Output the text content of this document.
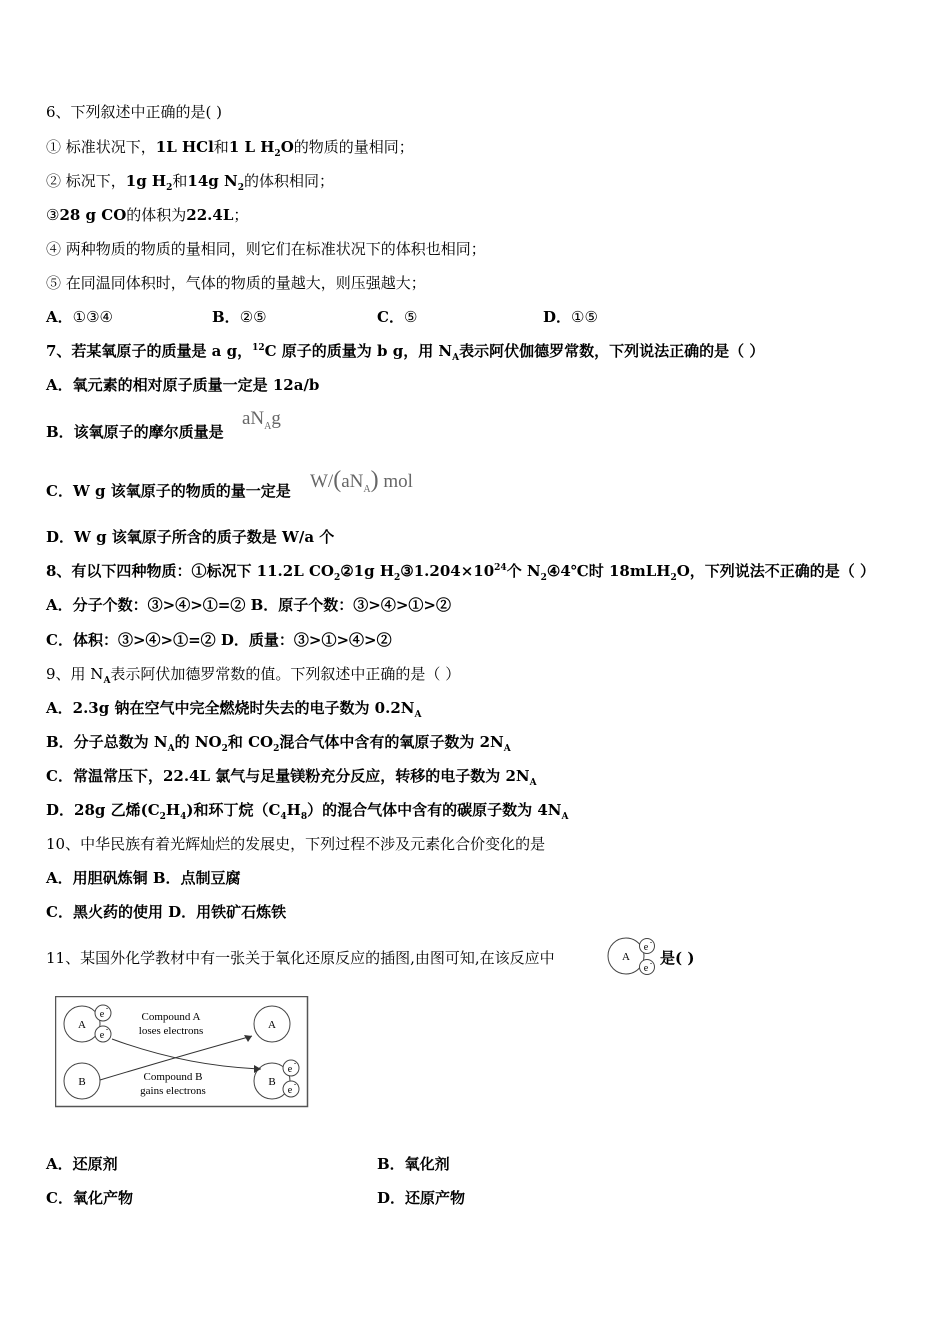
6、下列叙述中正确的是( )
① 标准状况下，1L HCl和1 L $H_2O$的物质的量相同；
② 标况下，1g $H_2$和14g $N_2$的体积相同；
③28 g CO的体积为22.4L；
④ 两种物质的物质的量相同，则它们在标准状况下的体积也相同；
⑤ 在同温同体积时，气体的物质的量越大，则压强越大；
A．①③④	B．②⑤	C．⑤	D．①⑤
7、若某氧原子的质量是 a g，$^{12}$C 原子的质量为 b g，用 $N_A$表示阿伏伽德罗常数，下列说法正确的是（ ）
A．氧元素的相对原子质量一定是 12a/b
B．该氧原子的摩尔质量是
$aN_Ag$
C．W g 该氧原子的物质的量一定是 $W/(aN_A)$ mol
D．W g 该氧原子所含的质子数是 W/a 个
8、有以下四种物质：①标况下 11.2L $CO_2②1g$ $H_2③1.204\times 10^{24}$个 $N_2④4℃$时 18mLH$_2$O，下列说法不正确的是（ ）
A．分子个数：③>④>①=② B．原子个数：③>④>①>②
C．体积：③>④>①=② D．质量：③>①>④>②
9、用 $N_A$表示阿伏加德罗常数的值。下列叙述中正确的是（ ）
A．2.3g 钠在空气中完全燃烧时失去的电子数为 $0.2N_A$
B．分子总数为 $N_A$的 $NO_2$和 $CO_2$混合气体中含有的氧原子数为 $2N_A$
C．常温常压下，22.4L 氯气与足量镁粉充分反应，转移的电子数为 $2N_A$
D．28g 乙烯$(C_2H_4)$和环丁烷$(C_4H_8)$的混合气体中含有的碳原子数为 $4N_A$
10、中华民族有着光辉灿烂的发展史，下列过程不涉及元素化合价变化的是
A．用胆矾炼铜 B．点制豆腐
C．黑火药的使用 D．用铁矿石炼铁
11、某国外化学教材中有一张关于氧化还原反应的插图,由图可知,在该反应中	A
e -
e - 是( )
A
e
-
e
-	A
B	B
e
-
e
-
Compound A
loses electrons
Compound B
gains electrons
A．还原剂	B．氧化剂
C．氧化产物	D．还原产物
